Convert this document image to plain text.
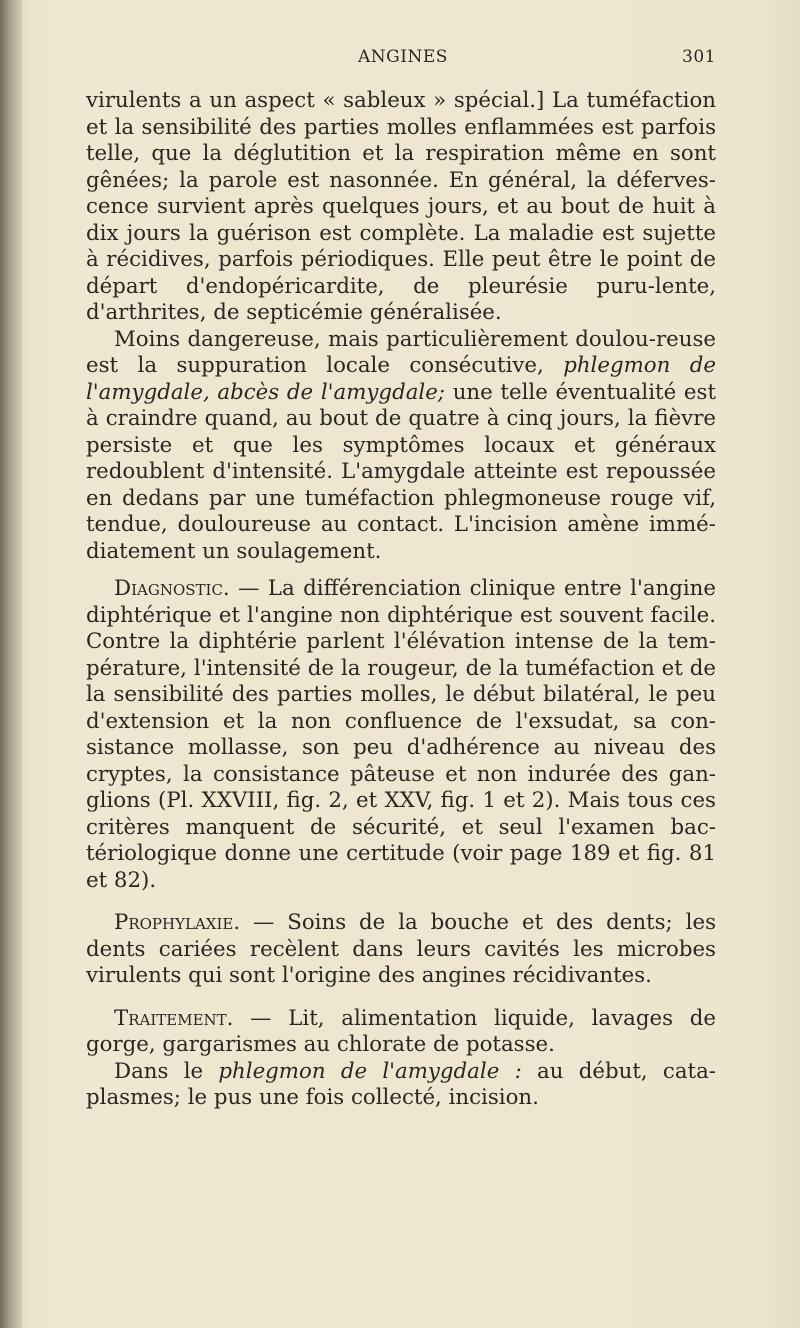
ANGINES	301

virulents a un aspect « sableux » spécial.] La tuméfaction et la sensibilité des parties molles enflammées est parfois telle, que la déglutition et la respiration même en sont gênées; la parole est nasonnée. En général, la déferves-cence survient après quelques jours, et au bout de huit à dix jours la guérison est complète. La maladie est sujette à récidives, parfois périodiques. Elle peut être le point de départ d'endopéricardite, de pleurésie puru-lente, d'arthrites, de septicémie généralisée.

Moins dangereuse, mais particulièrement doulou-reuse est la suppuration locale consécutive, phlegmon de l'amygdale, abcès de l'amygdale; une telle éventualité est à craindre quand, au bout de quatre à cinq jours, la fièvre persiste et que les symptômes locaux et généraux redoublent d'intensité. L'amygdale atteinte est repoussée en dedans par une tuméfaction phlegmoneuse rouge vif, tendue, douloureuse au contact. L'incision amène immé-diatement un soulagement.

Diagnostic. — La différenciation clinique entre l'angine diphtérique et l'angine non diphtérique est souvent facile. Contre la diphtérie parlent l'élévation intense de la tem-pérature, l'intensité de la rougeur, de la tuméfaction et de la sensibilité des parties molles, le début bilatéral, le peu d'extension et la non confluence de l'exsudat, sa con-sistance mollasse, son peu d'adhérence au niveau des cryptes, la consistance pâteuse et non indurée des gan-glions (Pl. XXVIII, fig. 2, et XXV, fig. 1 et 2). Mais tous ces critères manquent de sécurité, et seul l'examen bac-tériologique donne une certitude (voir page 189 et fig. 81 et 82).

Prophylaxie. — Soins de la bouche et des dents; les dents cariées recèlent dans leurs cavités les microbes virulents qui sont l'origine des angines récidivantes.

Traitement. — Lit, alimentation liquide, lavages de gorge, gargarismes au chlorate de potasse.

Dans le phlegmon de l'amygdale : au début, cata-plasmes; le pus une fois collecté, incision.
